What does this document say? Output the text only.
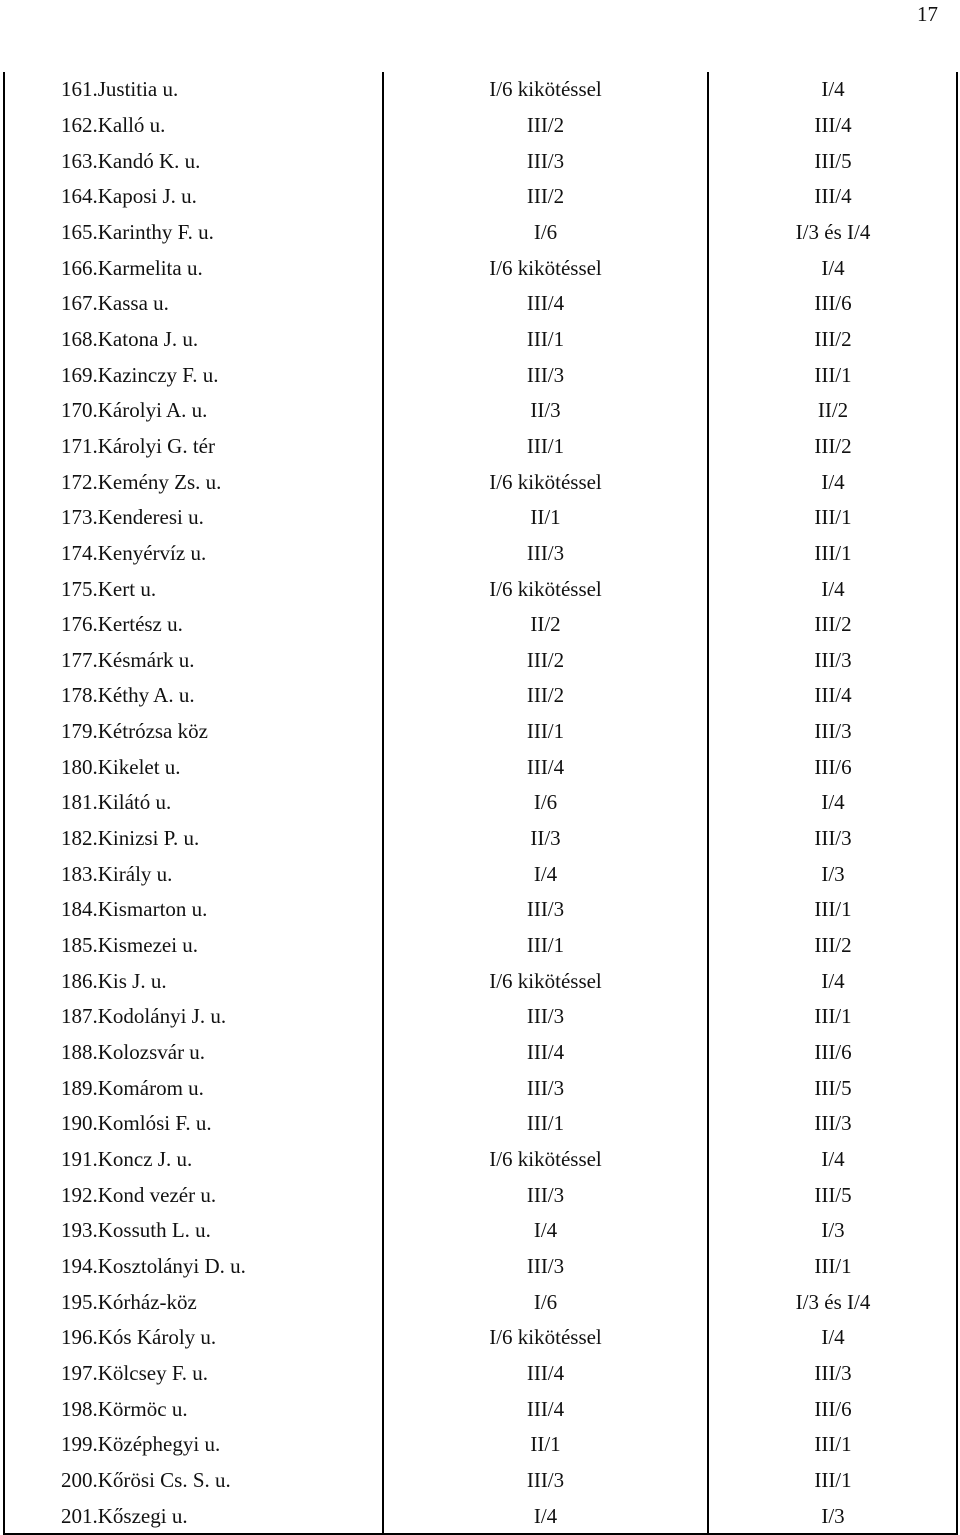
17
161.Justitia u.	I/6 kikötéssel	I/4
162.Kalló u.	III/2	III/4
163.Kandó K. u.	III/3	III/5
164.Kaposi J. u.	III/2	III/4
165.Karinthy F. u.	I/6	I/3 és I/4
166.Karmelita u.	I/6 kikötéssel	I/4
167.Kassa u.	III/4	III/6
168.Katona J. u.	III/1	III/2
169.Kazinczy F. u.	III/3	III/1
170.Károlyi A. u.	II/3	II/2
171.Károlyi G. tér	III/1	III/2
172.Kemény Zs. u.	I/6 kikötéssel	I/4
173.Kenderesi u.	II/1	III/1
174.Kenyérvíz u.	III/3	III/1
175.Kert u.	I/6 kikötéssel	I/4
176.Kertész u.	II/2	III/2
177.Késmárk u.	III/2	III/3
178.Kéthy A. u.	III/2	III/4
179.Kétrózsa köz	III/1	III/3
180.Kikelet u.	III/4	III/6
181.Kilátó u.	I/6	I/4
182.Kinizsi P. u.	II/3	III/3
183.Király u.	I/4	I/3
184.Kismarton u.	III/3	III/1
185.Kismezei u.	III/1	III/2
186.Kis J. u.	I/6 kikötéssel	I/4
187.Kodolányi J. u.	III/3	III/1
188.Kolozsvár u.	III/4	III/6
189.Komárom u.	III/3	III/5
190.Komlósi F. u.	III/1	III/3
191.Koncz J. u.	I/6 kikötéssel	I/4
192.Kond vezér u.	III/3	III/5
193.Kossuth L. u.	I/4	I/3
194.Kosztolányi D. u.	III/3	III/1
195.Kórház-köz	I/6	I/3 és I/4
196.Kós Károly u.	I/6 kikötéssel	I/4
197.Kölcsey F. u.	III/4	III/3
198.Körmöc u.	III/4	III/6
199.Középhegyi u.	II/1	III/1
200.Kőrösi Cs. S. u.	III/3	III/1
201.Kőszegi u.	I/4	I/3
